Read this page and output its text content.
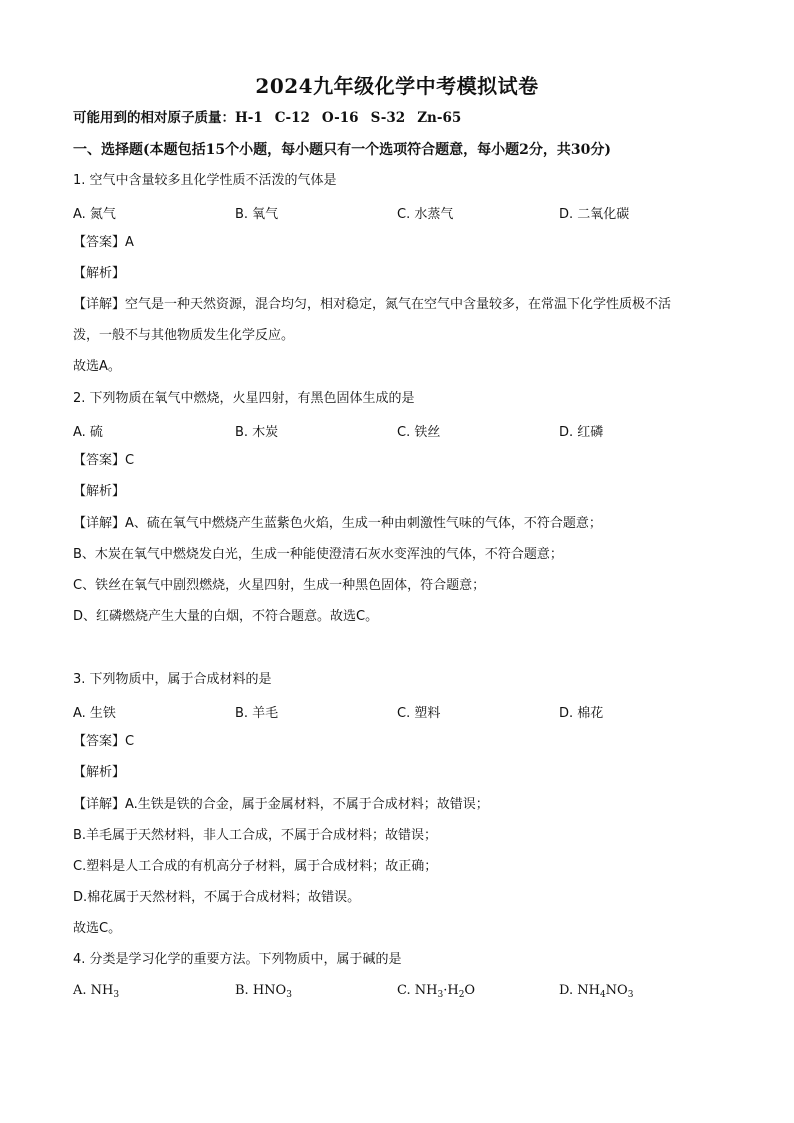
2024九年级化学中考模拟试卷
可能用到的相对原子质量：H-1 C-12 O-16 S-32 Zn-65
一、选择题(本题包括15个小题，每小题只有一个选项符合题意，每小题2分，共30分)
1. 空气中含量较多且化学性质不活泼的气体是
A. 氮气	B. 氧气	C. 水蒸气	D. 二氧化碳
【答案】A
【解析】
【详解】空气是一种天然资源，混合均匀，相对稳定，氮气在空气中含量较多，在常温下化学性质极不活
泼，一般不与其他物质发生化学反应。
故选A。
2. 下列物质在氧气中燃烧，火星四射，有黑色固体生成的是
A. 硫	B. 木炭	C. 铁丝	D. 红磷
【答案】C
【解析】
【详解】A、硫在氧气中燃烧产生蓝紫色火焰，生成一种由刺激性气味的气体，不符合题意；
B、木炭在氧气中燃烧发白光，生成一种能使澄清石灰水变浑浊的气体，不符合题意；
C、铁丝在氧气中剧烈燃烧，火星四射，生成一种黑色固体，符合题意；
D、红磷燃烧产生大量的白烟，不符合题意。故选C。
3. 下列物质中，属于合成材料的是
A. 生铁	B. 羊毛	C. 塑料	D. 棉花
【答案】C
【解析】
【详解】A.生铁是铁的合金，属于金属材料，不属于合成材料；故错误；
B.羊毛属于天然材料，非人工合成，不属于合成材料；故错误；
C.塑料是人工合成的有机高分子材料，属于合成材料；故正确；
D.棉花属于天然材料，不属于合成材料；故错误。
故选C。
4. 分类是学习化学的重要方法。下列物质中，属于碱的是
A. $NH_3$	B. $HNO_3$	C. $NH_3\cdot H_2O$	D. $NH_4NO_3$
